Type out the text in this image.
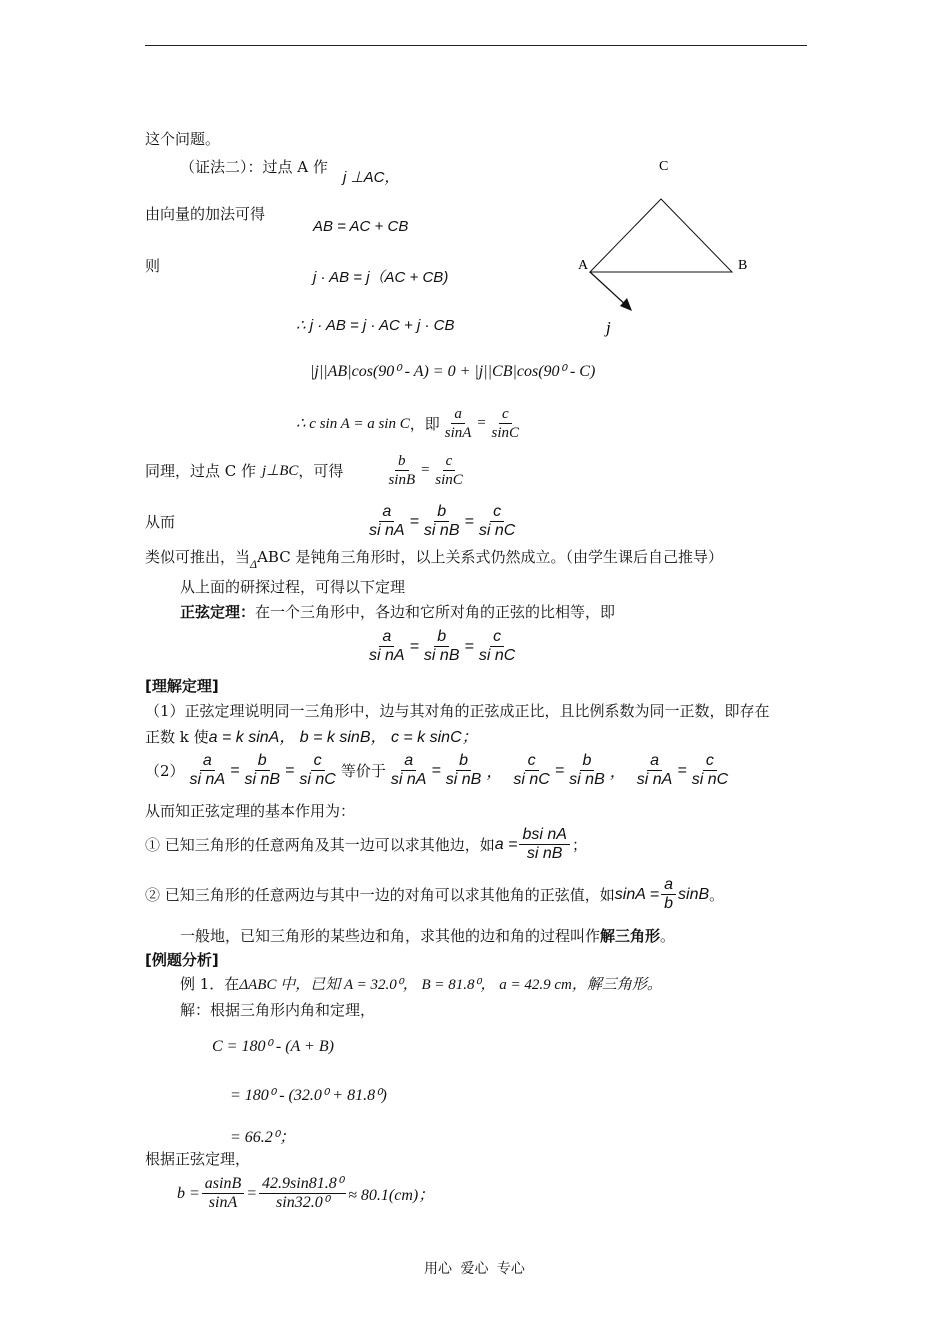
这个问题。
（证法二）：过点 A 作
j ⊥AC，
由向量的加法可得
AB = AC + CB
则
j · AB = j（AC + CB)
∴ j · AB = j · AC + j · CB
|j||AB|cos(90⁰ - A) = 0 + |j||CB|cos(90⁰ - C)
∴ c sin A = a sin C ，即 $\frac{a}{\sin A} = \frac{c}{\sin C}$
同理，过点 C 作 j⊥BC ，可得	$\frac{b}{\sin B} = \frac{c}{\sin C}$
从而	$\frac{a}{\text{si nA}} = \frac{b}{\text{si nB}} = \frac{c}{\text{si nC}}$
类似可推出，当$_\Delta$ABC 是钝角三角形时，以上关系式仍然成立。（由学生课后自己推导）
从上面的研探过程，可得以下定理
正弦定理：在一个三角形中，各边和它所对角的正弦的比相等，即
$\frac{a}{\text{si nA}} = \frac{b}{\text{si nB}} = \frac{c}{\text{si nC}}$
[理解定理]
（1）正弦定理说明同一三角形中，边与其对角的正弦成正比，且比例系数为同一正数，即存在
正数 k 使a = k sinA， b = k sinB， c = k sinC；
$(2) \frac{a}{\text{si nA}} = \frac{b}{\text{si nB}} = \frac{c}{\text{si nC}}$ 等价于 $\frac{a}{\text{si nA}} = \frac{b}{\text{si nB}}$ ， $\frac{c}{\text{si nC}} = \frac{b}{\text{si nB}}$ ， $\frac{a}{\text{si nA}} = \frac{c}{\text{si nC}}$
从而知正弦定理的基本作用为：
① 已知三角形的任意两角及其一边可以求其他边，如 $a = \frac{\text{bsi nA}}{\text{si nB}}$ ；
② 已知三角形的任意两边与其中一边的对角可以求其他角的正弦值，如 $\sin A = \frac{a}{b}$ sinB 。
一般地，已知三角形的某些边和角，求其他的边和角的过程叫作解三角形。
[例题分析]
例 1．在ΔABC 中，已知 A = 32.0⁰， B = 81.8⁰， a = 42.9 cm，解三角形。
解：根据三角形内角和定理，
C = 180⁰ - (A + B)
= 180⁰ - (32.0⁰ + 81.8⁰)
= 66.2⁰；
根据正弦定理，
$b = \frac{asinB}{\sin A} = \frac{\text{42.9sin81.8⁰}}{\text{sin32.0⁰}} \approx 80.1(cm)$；
A	B
C
j
用心 爱心 专心
